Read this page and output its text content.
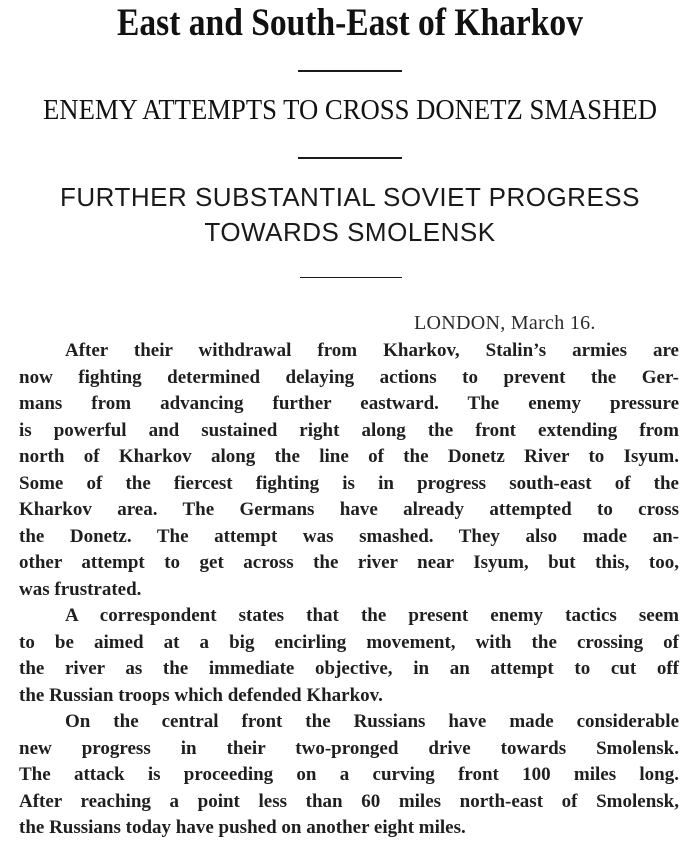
East and South-East of Kharkov
ENEMY ATTEMPTS TO CROSS DONETZ SMASHED
FURTHER SUBSTANTIAL SOVIET PROGRESS
TOWARDS SMOLENSK

LONDON, March 16.

After their withdrawal from Kharkov, Stalin’s armies are
now fighting determined delaying actions to prevent the Ger-
mans from advancing further eastward. The enemy pressure
is powerful and sustained right along the front extending from
north of Kharkov along the line of the Donetz River to Isyum.
Some of the fiercest fighting is in progress south-east of the
Kharkov area. The Germans have already attempted to cross
the Donetz. The attempt was smashed. They also made an-
other attempt to get across the river near Isyum, but this, too,
was frustrated.

A correspondent states that the present enemy tactics seem
to be aimed at a big encirling movement, with the crossing of
the river as the immediate objective, in an attempt to cut off
the Russian troops which defended Kharkov.

On the central front the Russians have made considerable
new progress in their two-pronged drive towards Smolensk.
The attack is proceeding on a curving front 100 miles long.
After reaching a point less than 60 miles north-east of Smolensk,
the Russians today have pushed on another eight miles.
